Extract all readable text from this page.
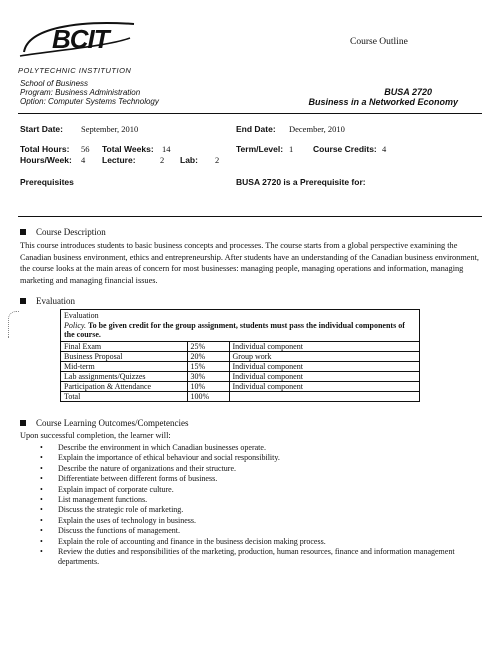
BCIT
POLYTECHNIC INSTITUTION
Course Outline
School of Business
Program: Business Administration
Option: Computer Systems Technology
BUSA 2720
Business in a Networked Economy
Start Date: September, 2010	End Date: December, 2010
Total Hours: 56 Total Weeks: 14	Term/Level: 1 Course Credits: 4
Hours/Week: 4 Lecture:	2 Lab: 2
Prerequisites	BUSA 2720 is a Prerequisite for:
Course Description
This course introduces students to basic business concepts and processes. The course starts from a global perspective examining the Canadian business environment, ethics and entrepreneurship. After students have an understanding of the Canadian business environment, the course looks at the main areas of concern for most businesses: managing people, managing operations and information, managing marketing and managing financial issues.
Evaluation
Evaluation
Policy. To be given credit for the group assignment, students must pass the individual components of the course.
Final Exam	25%	Individual component
Business Proposal	20%	Group work
Mid-term	15%	Individual component
Lab assignments/Quizzes	30%	Individual component
Participation & Attendance	10%	Individual component
Total	100%	
Course Learning Outcomes/Competencies
Upon successful completion, the learner will:
• Describe the environment in which Canadian businesses operate.
• Explain the importance of ethical behaviour and social responsibility.
• Describe the nature of organizations and their structure.
• Differentiate between different forms of business.
• Explain impact of corporate culture.
• List management functions.
• Discuss the strategic role of marketing.
• Explain the uses of technology in business.
• Discuss the functions of management.
• Explain the role of accounting and finance in the business decision making process.
• Review the duties and responsibilities of the marketing, production, human resources, finance and information management departments.
